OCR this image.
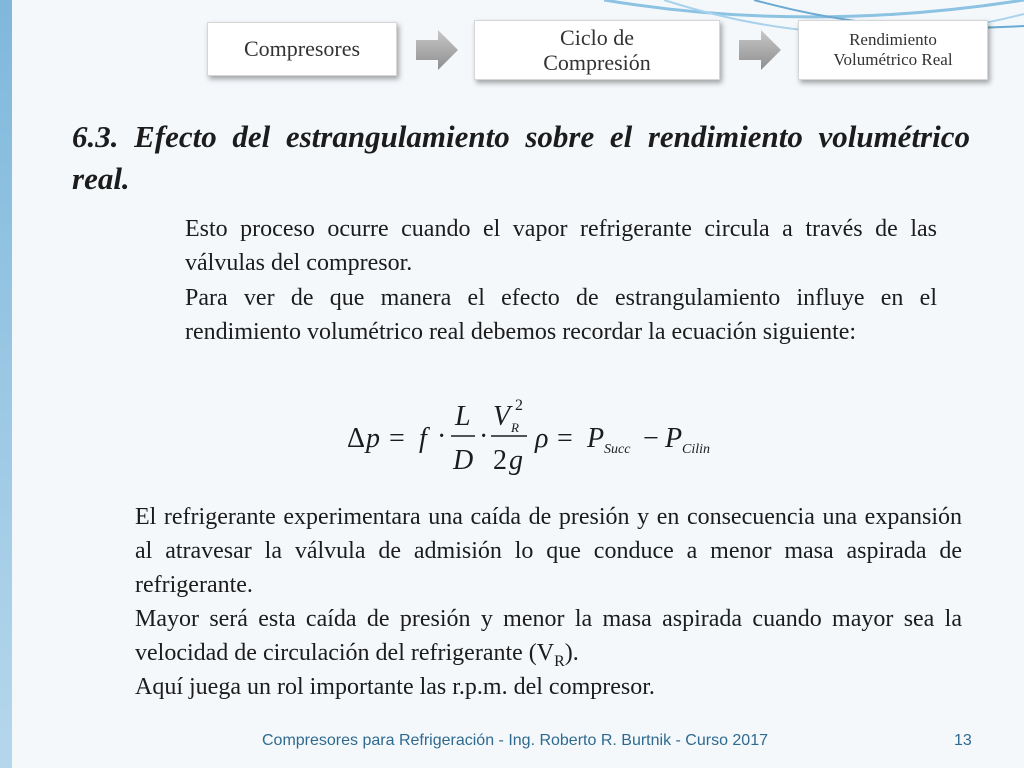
Compresores	Ciclo de
Compresión
Rendimiento
Volumétrico Real
6.3. Efecto del estrangulamiento sobre el rendimiento volumétrico real.

Esto proceso ocurre cuando el vapor refrigerante circula a través de las válvulas del compresor.

Para ver de que manera el efecto de estrangulamiento influye en el rendimiento volumétrico real debemos recordar la ecuación siguiente:

Δ p = f ·
L
D
·
V 2
R
2 g
ρ = P Succ − P Cilin

El refrigerante experimentara una caída de presión y en consecuencia una expansión al atravesar la válvula de admisión lo que conduce a menor masa aspirada de refrigerante.

Mayor será esta caída de presión y menor la masa aspirada cuando mayor sea la velocidad de circulación del refrigerante $(V_R)$.

Aquí juega un rol importante las r.p.m. del compresor.

Compresores para Refrigeración - Ing. Roberto R. Burtnik - Curso 2017	13
